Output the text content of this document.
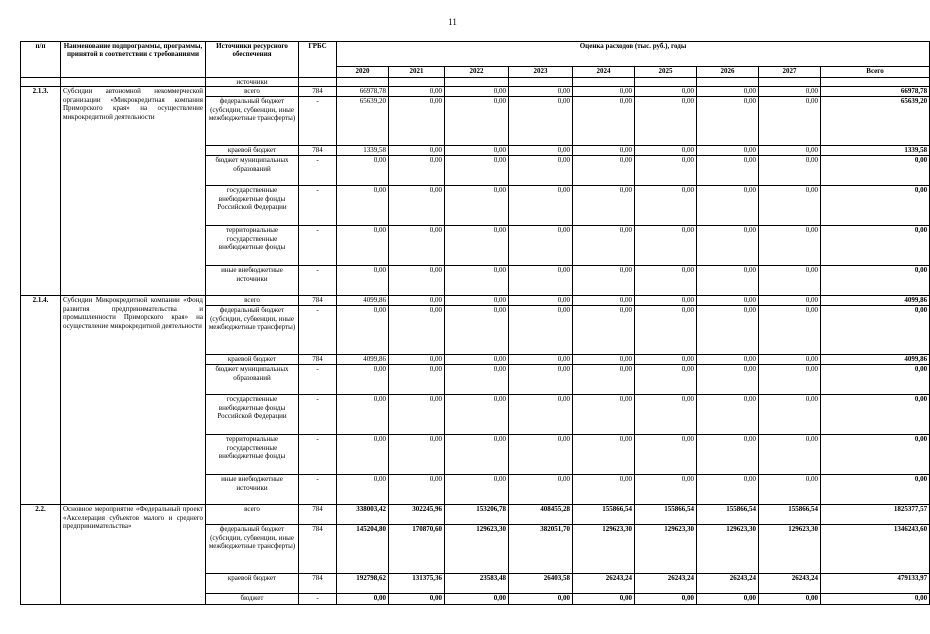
11
п/п	Наименование подпрограммы, программы, принятой в соответствии с требованиями	Источники ресурсного обеспечения	ГРБС	Оценка расходов (тыс. руб.), годы								
				2020	2021	2022	2023	2024	2025	2026	2027	Всего
		источники										
2.1.3.	Субсидии автономной некоммерческой организации «Микрокредитная компания Приморского края» на осуществление микрокредитной деятельности	всего	784	66978,78	0,00	0,00	0,00	0,00	0,00	0,00	0,00	66978,78
		федеральный бюджет (субсидии, субвенции, иные межбюджетные трансферты)	-	65639,20	0,00	0,00	0,00	0,00	0,00	0,00	0,00	65639,20
		краевой бюджет	784	1339,58	0,00	0,00	0,00	0,00	0,00	0,00	0,00	1339,58
		бюджет муниципальных образований	-	0,00	0,00	0,00	0,00	0,00	0,00	0,00	0,00	0,00
		государственные внебюджетные фонды Российской Федерации	-	0,00	0,00	0,00	0,00	0,00	0,00	0,00	0,00	0,00
		территориальные государственные внебюджетные фонды	-	0,00	0,00	0,00	0,00	0,00	0,00	0,00	0,00	0,00
		иные внебюджетные источники	-	0,00	0,00	0,00	0,00	0,00	0,00	0,00	0,00	0,00
2.1.4.	Субсидии Микрокредитной компании «Фонд развития предпринимательства и промышленности Приморского края» на осуществление микрокредитной деятельности	всего	784	4099,86	0,00	0,00	0,00	0,00	0,00	0,00	0,00	4099,86
		федеральный бюджет (субсидии, субвенции, иные межбюджетные трансферты)	-	0,00	0,00	0,00	0,00	0,00	0,00	0,00	0,00	0,00
		краевой бюджет	784	4099,86	0,00	0,00	0,00	0,00	0,00	0,00	0,00	4099,86
		бюджет муниципальных образований	-	0,00	0,00	0,00	0,00	0,00	0,00	0,00	0,00	0,00
		государственные внебюджетные фонды Российской Федерации	-	0,00	0,00	0,00	0,00	0,00	0,00	0,00	0,00	0,00
		территориальные государственные внебюджетные фонды	-	0,00	0,00	0,00	0,00	0,00	0,00	0,00	0,00	0,00
		иные внебюджетные источники	-	0,00	0,00	0,00	0,00	0,00	0,00	0,00	0,00	0,00
2.2.	Основное мероприятие «Федеральный проект «Акселерация субъектов малого и среднего предпринимательства»	всего	784	338003,42	302245,96	153206,78	408455,28	155866,54	155866,54	155866,54	155866,54	1825377,57
		федеральный бюджет (субсидии, субвенции, иные межбюджетные трансферты)	784	145204,80	170870,60	129623,30	382051,70	129623,30	129623,30	129623,30	129623,30	1346243,60
		краевой бюджет	784	192798,62	131375,36	23583,48	26403,58	26243,24	26243,24	26243,24	26243,24	479133,97
		бюджет	-	0,00	0,00	0,00	0,00	0,00	0,00	0,00	0,00	0,00
